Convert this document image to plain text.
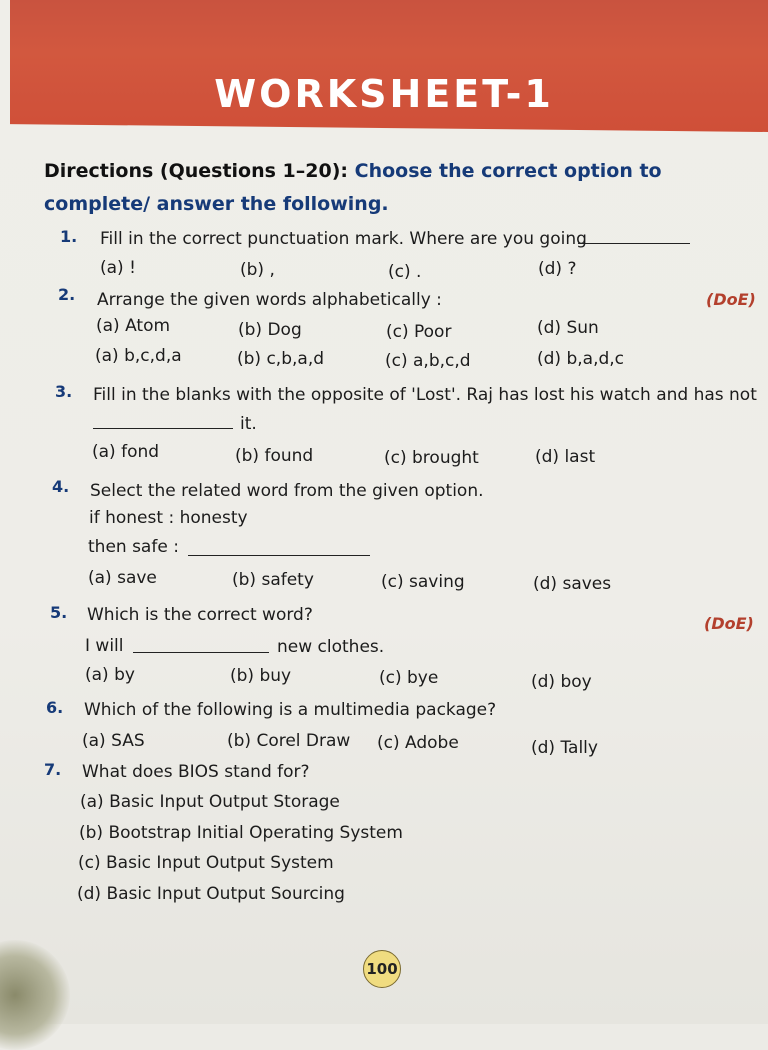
WORKSHEET-1
Directions (Questions 1–20): Choose the correct option to complete/ answer the following.
1. Fill in the correct punctuation mark. Where are you going
(a) !	(b) ,	(c) .	(d) ?
2. Arrange the given words alphabetically :	(DoE)
(a) Atom	(b) Dog	(c) Poor	(d) Sun
(a) b,c,d,a	(b) c,b,a,d	(c) a,b,c,d	(d) b,a,d,c
3. Fill in the blanks with the opposite of 'Lost'. Raj has lost his watch and has not
it.
(a) fond	(b) found	(c) brought	(d) last
4. Select the related word from the given option.
if honest : honesty
then safe :
(a) save	(b) safety	(c) saving	(d) saves
5. Which is the correct word?	(DoE)
I will	new clothes.
(a) by	(b) buy	(c) bye	(d) boy
6. Which of the following is a multimedia package?
(a) SAS	(b) Corel Draw (c) Adobe	(d) Tally
7. What does BIOS stand for?
(a) Basic Input Output Storage
(b) Bootstrap Initial Operating System
(c) Basic Input Output System
(d) Basic Input Output Sourcing
100
